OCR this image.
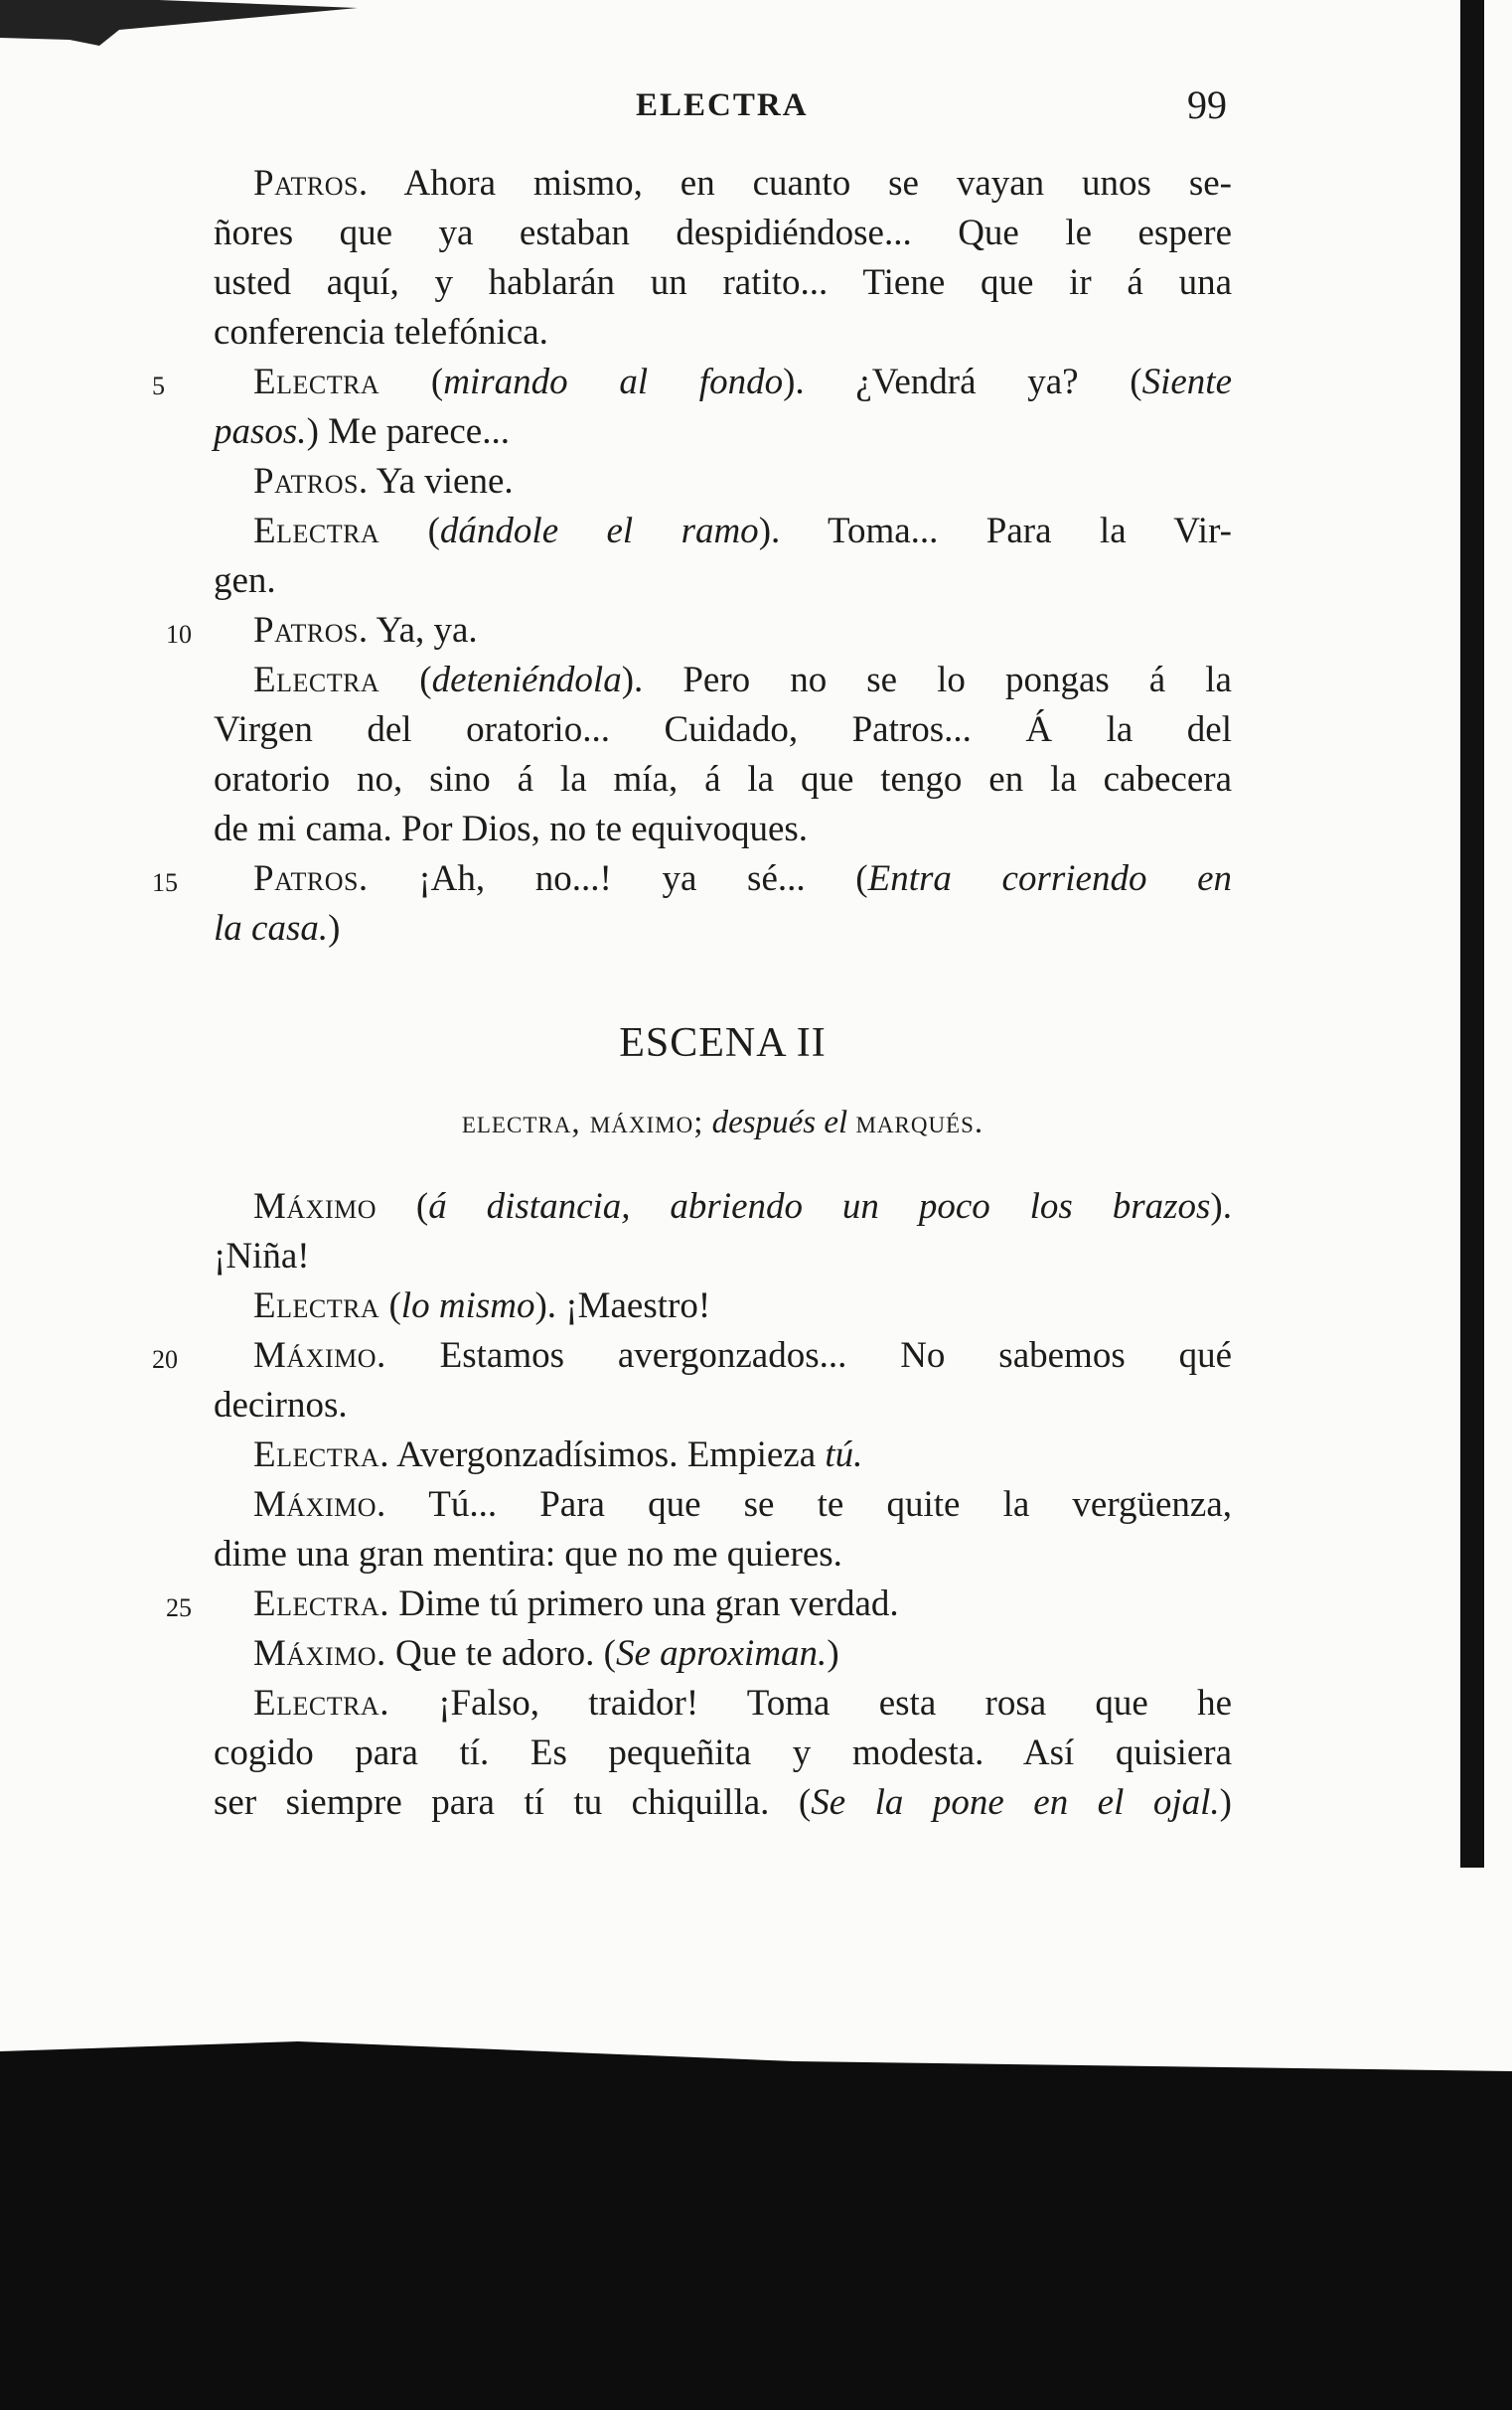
ELECTRA	99
Patros. Ahora mismo, en cuanto se vayan unos se-
ñores que ya estaban despidiéndose... Que le espere
usted aquí, y hablarán un ratito... Tiene que ir á una
conferencia telefónica.
5	Electra (mirando al fondo). ¿Vendrá ya? (Siente
pasos.) Me parece...
Patros. Ya viene.
Electra (dándole el ramo). Toma... Para la Vir-
gen.
10 Patros. Ya, ya.
Electra (deteniéndola). Pero no se lo pongas á la
Virgen del oratorio... Cuidado, Patros... Á la del
oratorio no, sino á la mía, á la que tengo en la cabecera
de mi cama. Por Dios, no te equivoques.
15	Patros. ¡Ah, no...! ya sé... (Entra corriendo en
la casa.)
ESCENA II
electra, máximo; después el marqués.
Máximo (á distancia, abriendo un poco los brazos).
¡Niña!
Electra (lo mismo). ¡Maestro!
20	Máximo. Estamos avergonzados... No sabemos qué
decirnos.
Electra. Avergonzadísimos. Empieza tú.
Máximo. Tú... Para que se te quite la vergüenza,
dime una gran mentira: que no me quieres.
25 Electra. Dime tú primero una gran verdad.
Máximo. Que te adoro. (Se aproximan.)
Electra. ¡Falso, traidor! Toma esta rosa que he
cogido para tí. Es pequeñita y modesta. Así quisiera
ser siempre para tí tu chiquilla. (Se la pone en el ojal.)
